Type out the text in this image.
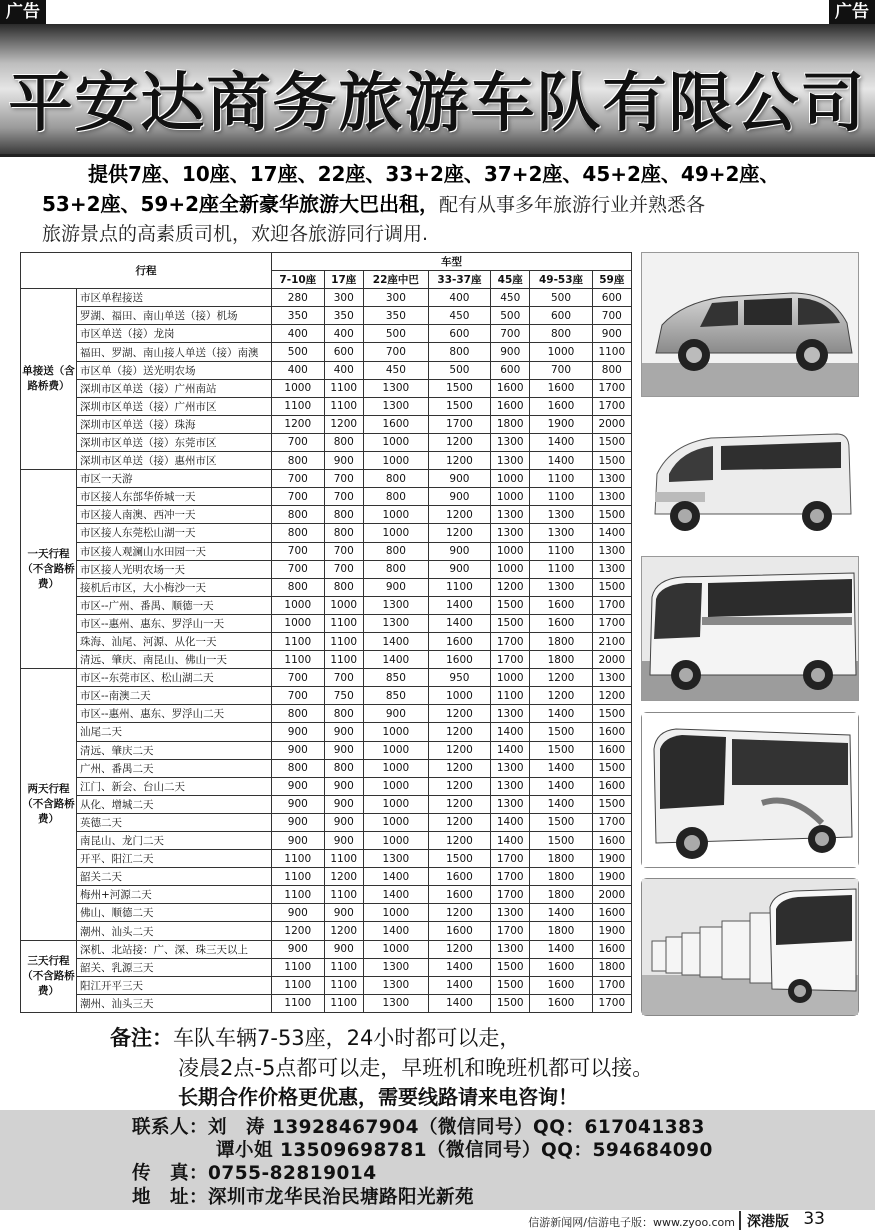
广告	广告
平安达商务旅游车队有限公司
提供7座、10座、17座、22座、33+2座、37+2座、45+2座、49+2座、
53+2座、59+2座全新豪华旅游大巴出租，配有从事多年旅游行业并熟悉各
旅游景点的高素质司机，欢迎各旅游同行调用.
行程		车型						
		7-10座	17座	22座中巴	33-37座	45座	49-53座	59座
单接送（含路桥费）	市区单程接送	280	300	300	400	450	500	600
	罗湖、福田、南山单送（接）机场	350	350	350	450	500	600	700
	市区单送（接）龙岗	400	400	500	600	700	800	900
	福田、罗湖、南山接人单送（接）南澳	500	600	700	800	900	1000	1100
	市区单（接）送光明农场	400	400	450	500	600	700	800
	深圳市区单送（接）广州南站	1000	1100	1300	1500	1600	1600	1700
	深圳市区单送（接）广州市区	1100	1100	1300	1500	1600	1600	1700
	深圳市区单送（接）珠海	1200	1200	1600	1700	1800	1900	2000
	深圳市区单送（接）东莞市区	700	800	1000	1200	1300	1400	1500
	深圳市区单送（接）惠州市区	800	900	1000	1200	1300	1400	1500
一天行程（不含路桥费）	市区一天游	700	700	800	900	1000	1100	1300
	市区接人东部华侨城一天	700	700	800	900	1000	1100	1300
	市区接人南澳、西冲一天	800	800	1000	1200	1300	1300	1500
	市区接人东莞松山湖一天	800	800	1000	1200	1300	1300	1400
	市区接人观澜山水田园一天	700	700	800	900	1000	1100	1300
	市区接人光明农场一天	700	700	800	900	1000	1100	1300
	接机后市区，大小梅沙一天	800	800	900	1100	1200	1300	1500
	市区--广州、番禺、顺德一天	1000	1000	1300	1400	1500	1600	1700
	市区--惠州、惠东、罗浮山一天	1000	1100	1300	1400	1500	1600	1700
	珠海、汕尾、河源、从化一天	1100	1100	1400	1600	1700	1800	2100
	清远、肇庆、南昆山、佛山一天	1100	1100	1400	1600	1700	1800	2000
两天行程（不含路桥费）	市区--东莞市区、松山湖二天	700	700	850	950	1000	1200	1300
	市区--南澳二天	700	750	850	1000	1100	1200	1200
	市区--惠州、惠东、罗浮山二天	800	800	900	1200	1300	1400	1500
	汕尾二天	900	900	1000	1200	1400	1500	1600
	清远、肇庆二天	900	900	1000	1200	1400	1500	1600
	广州、番禺二天	800	800	1000	1200	1300	1400	1500
	江门、新会、台山二天	900	900	1000	1200	1300	1400	1600
	从化、增城二天	900	900	1000	1200	1300	1400	1500
	英德二天	900	900	1000	1200	1400	1500	1700
	南昆山、龙门二天	900	900	1000	1200	1400	1500	1600
	开平、阳江二天	1100	1100	1300	1500	1700	1800	1900
	韶关二天	1100	1200	1400	1600	1700	1800	1900
	梅州+河源二天	1100	1100	1400	1600	1700	1800	2000
	佛山、顺德二天	900	900	1000	1200	1300	1400	1600
	潮州、汕头二天	1200	1200	1400	1600	1700	1800	1900
三天行程（不含路桥费）	深机、北站接：广、深、珠三天以上	900	900	1000	1200	1300	1400	1600
	韶关、乳源三天	1100	1100	1300	1400	1500	1600	1800
	阳江开平三天	1100	1100	1300	1400	1500	1600	1700
	潮州、汕头三天	1100	1100	1300	1400	1500	1600	1700
备注：车队车辆7-53座，24小时都可以走，
凌晨2点-5点都可以走，早班机和晚班机都可以接。
长期合作价格更优惠，需要线路请来电咨询！
联系人：刘　涛 13928467904（微信同号）QQ：617041383
谭小姐 13509698781（微信同号）QQ：594684090
传　真：0755-82819014
地　址：深圳市龙华民治民塘路阳光新苑
信游新闻网/信游电子版：www.zyoo.com 深港版 33
